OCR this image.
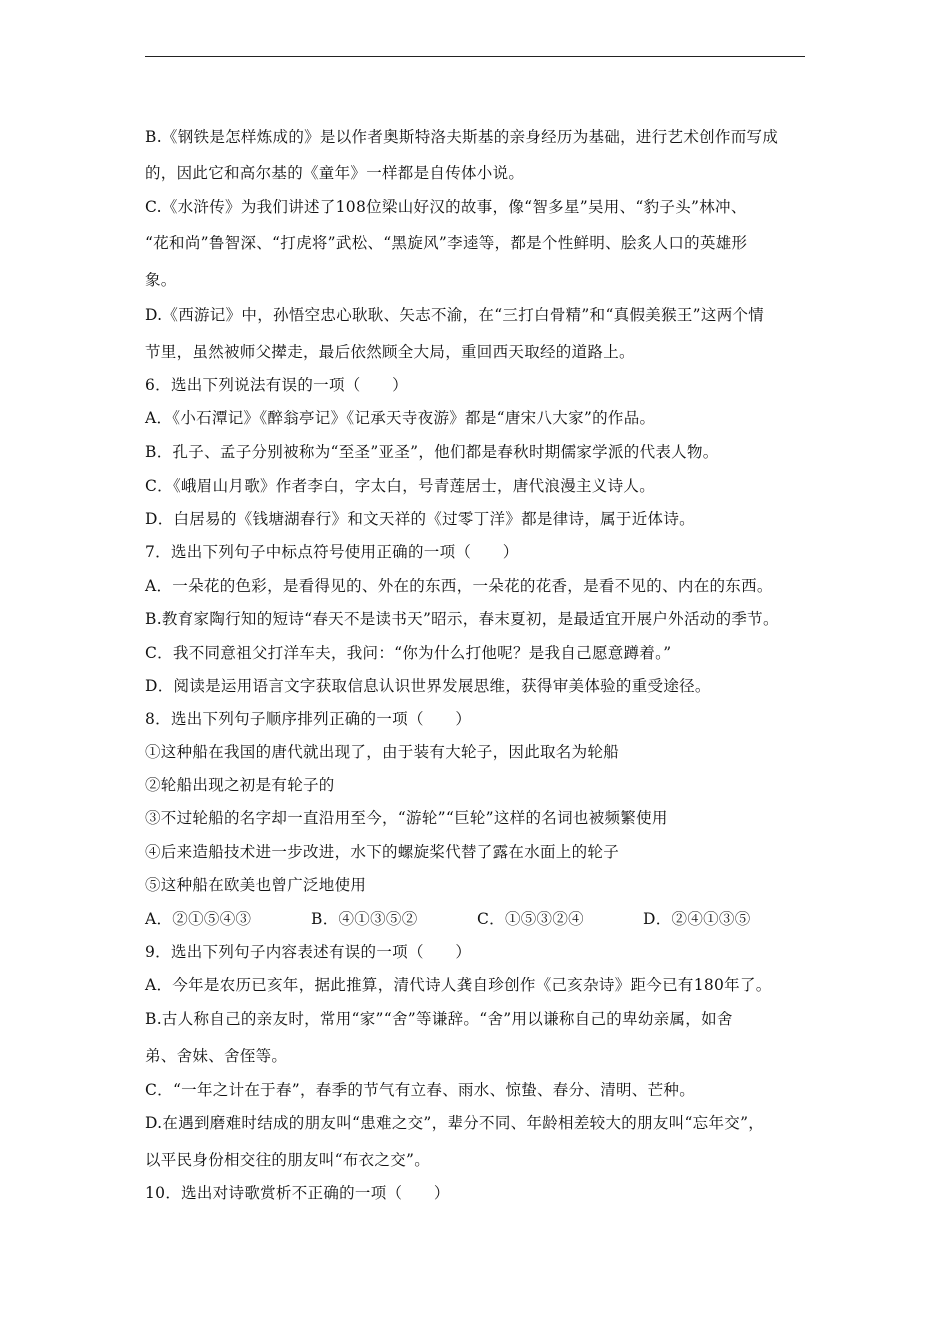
B.《钢铁是怎样炼成的》是以作者奥斯特洛夫斯基的亲身经历为基础，进行艺术创作而写成
的，因此它和高尔基的《童年》一样都是自传体小说。
C.《水浒传》为我们讲述了108位梁山好汉的故事，像“智多星”吴用、“豹子头”林冲、
“花和尚”鲁智深、“打虎将”武松、“黑旋风”李逵等，都是个性鲜明、脍炙人口的英雄形
象。
D.《西游记》中，孙悟空忠心耿耿、矢志不渝，在“三打白骨精”和“真假美猴王”这两个情
节里，虽然被师父撵走，最后依然顾全大局，重回西天取经的道路上。
6．选出下列说法有误的一项（　　）
A．《小石潭记》《醉翁亭记》《记承天寺夜游》都是“唐宋八大家”的作品。
B．孔子、孟子分别被称为“至圣”亚圣”，他们都是春秋时期儒家学派的代表人物。
C．《峨眉山月歌》作者李白，字太白，号青莲居士，唐代浪漫主义诗人。
D．白居易的《钱塘湖春行》和文天祥的《过零丁洋》都是律诗，属于近体诗。
7．选出下列句子中标点符号使用正确的一项（　　）
A．一朵花的色彩，是看得见的、外在的东西，一朵花的花香，是看不见的、内在的东西。
B.教育家陶行知的短诗“春天不是读书天”昭示，春末夏初，是最适宜开展户外活动的季节。
C．我不同意祖父打洋车夫，我问：“你为什么打他呢？是我自己愿意蹲着。”
D．阅读是运用语言文字获取信息认识世界发展思维，获得审美体验的重受途径。
8．选出下列句子顺序排列正确的一项（　　）
①这种船在我国的唐代就出现了，由于装有大轮子，因此取名为轮船
②轮船出现之初是有轮子的
③不过轮船的名字却一直沿用至今，“游轮”“巨轮”这样的名词也被频繁使用
④后来造船技术进一步改进，水下的螺旋桨代替了露在水面上的轮子
⑤这种船在欧美也曾广泛地使用
A．②①⑤④③	B．④①③⑤②	C．①⑤③②④	D．②④①③⑤
9．选出下列句子内容表述有误的一项（　　）
A．今年是农历已亥年，据此推算，清代诗人龚自珍创作《己亥杂诗》距今已有180年了。
B.古人称自己的亲友时，常用“家”“舍”等谦辞。“舍”用以谦称自己的卑幼亲属，如舍
弟、舍妹、舍侄等。
C．“一年之计在于春”，春季的节气有立春、雨水、惊蛰、春分、清明、芒种。
D.在遇到磨难时结成的朋友叫“患难之交”，辈分不同、年龄相差较大的朋友叫“忘年交”，
以平民身份相交往的朋友叫“布衣之交”。
10．选出对诗歌赏析不正确的一项（　　）
